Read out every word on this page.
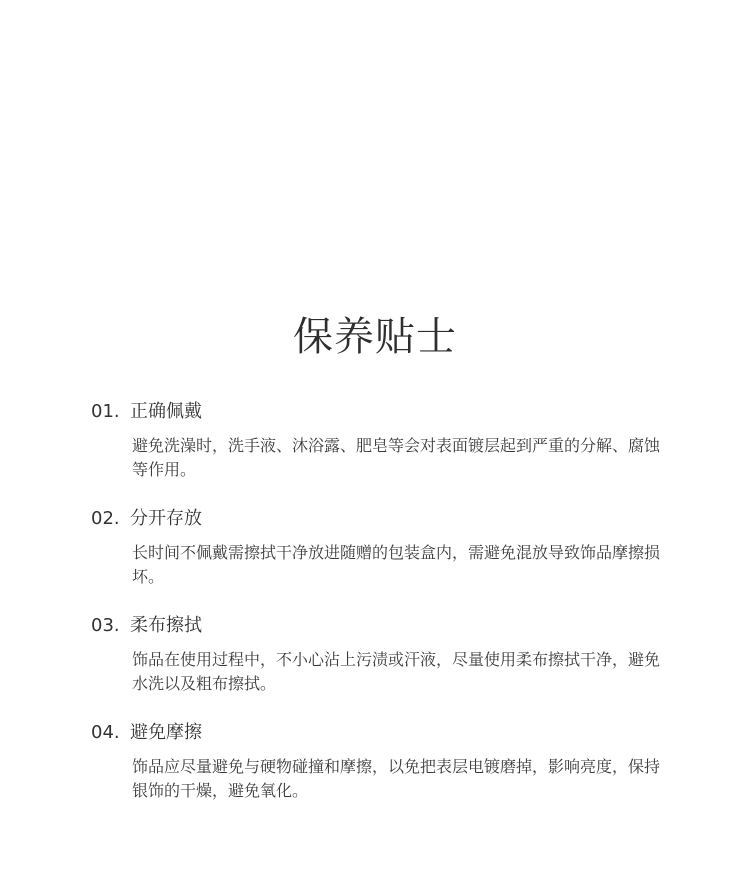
保养贴士
01. 正确佩戴
避免洗澡时，洗手液、沐浴露、肥皂等会对表面镀层起到严重的分解、腐蚀等作用。
02. 分开存放
长时间不佩戴需擦拭干净放进随赠的包装盒内，需避免混放导致饰品摩擦损坏。
03. 柔布擦拭
饰品在使用过程中，不小心沾上污渍或汗液，尽量使用柔布擦拭干净，避免水洗以及粗布擦拭。
04. 避免摩擦
饰品应尽量避免与硬物碰撞和摩擦，以免把表层电镀磨掉，影响亮度，保持银饰的干燥，避免氧化。
